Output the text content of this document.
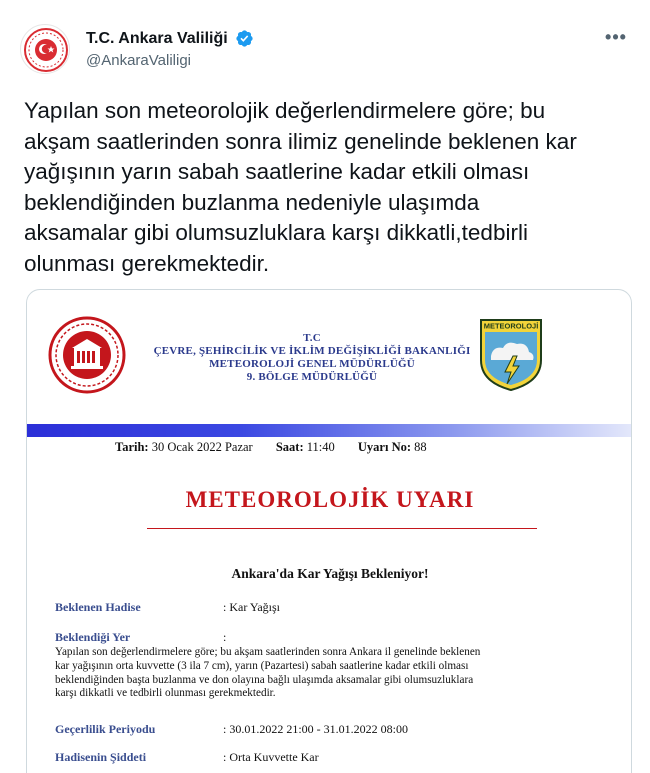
T.C. Ankara Valiliği
@AnkaraValiligi
•••
Yapılan son meteorolojik değerlendirmelere göre; bu
akşam saatlerinden sonra ilimiz genelinde beklenen kar
yağışının yarın sabah saatlerine kadar etkili olması
beklendiğinden buzlanma nedeniyle ulaşımda
aksamalar gibi olumsuzluklara karşı dikkatli,tedbirli
olunması gerekmektedir.
T.C
ÇEVRE, ŞEHİRCİLİK VE İKLİM DEĞİŞİKLİĞİ BAKANLIĞI
METEOROLOJİ GENEL MÜDÜRLÜĞÜ
9. BÖLGE MÜDÜRLÜĞÜ
METEOROLOJİ
Tarih: 30 Ocak 2022 Pazar Saat: 11:40 Uyarı No: 88
METEOROLOJİK UYARI
Ankara'da Kar Yağışı Bekleniyor!
Beklenen Hadise	: Kar Yağışı
Beklendiği Yer	:
Yapılan son değerlendirmelere göre; bu akşam saatlerinden sonra Ankara il genelinde beklenen
kar yağışının orta kuvvette (3 ila 7 cm), yarın (Pazartesi) sabah saatlerine kadar etkili olması
beklendiğinden başta buzlanma ve don olayına bağlı ulaşımda aksamalar gibi olumsuzluklara
karşı dikkatli ve tedbirli olunması gerekmektedir.
Geçerlilik Periyodu	: 30.01.2022 21:00 - 31.01.2022 08:00
Hadisenin Şiddeti	: Orta Kuvvette Kar
